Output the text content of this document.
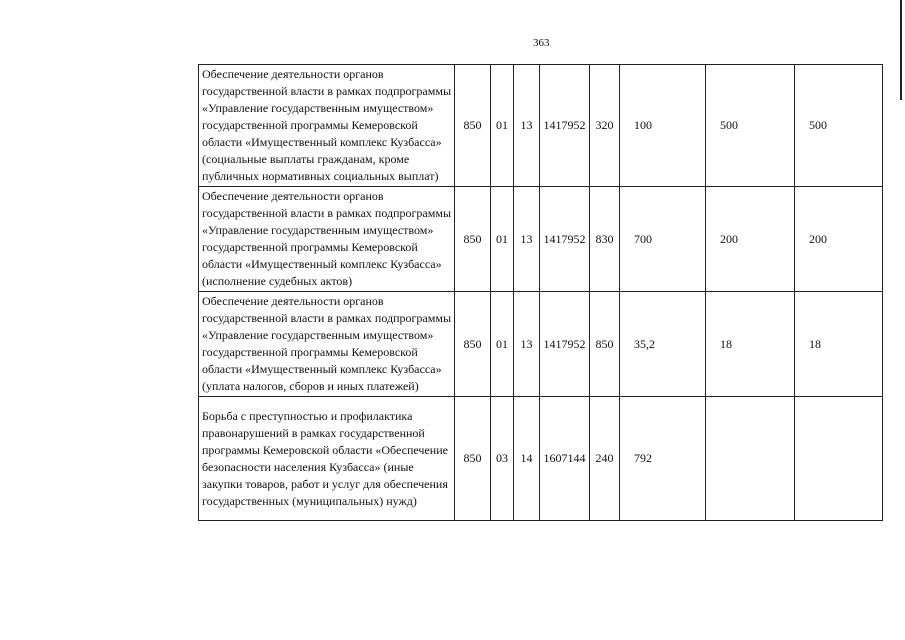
363
Обеспечение деятельности органов государственной власти в рамках подпрограммы «Управление государственным имуществом» государственной программы Кемеровской области «Имущественный комплекс Кузбасса» (социальные выплаты гражданам, кроме публичных нормативных социальных выплат)	850	01	13	1417952	320	100	500	500
Обеспечение деятельности органов государственной власти в рамках подпрограммы «Управление государственным имуществом» государственной программы Кемеровской области «Имущественный комплекс Кузбасса» (исполнение судебных актов)	850	01	13	1417952	830	700	200	200
Обеспечение деятельности органов государственной власти в рамках подпрограммы «Управление государственным имуществом» государственной программы Кемеровской области «Имущественный комплекс Кузбасса» (уплата налогов, сборов и иных платежей)	850	01	13	1417952	850	35,2	18	18
Борьба с преступностью и профилактика правонарушений в рамках государственной программы Кемеровской области «Обеспечение безопасности населения Кузбасса» (иные закупки товаров, работ и услуг для обеспечения государственных (муниципальных) нужд)	850	03	14	1607144	240	792		
